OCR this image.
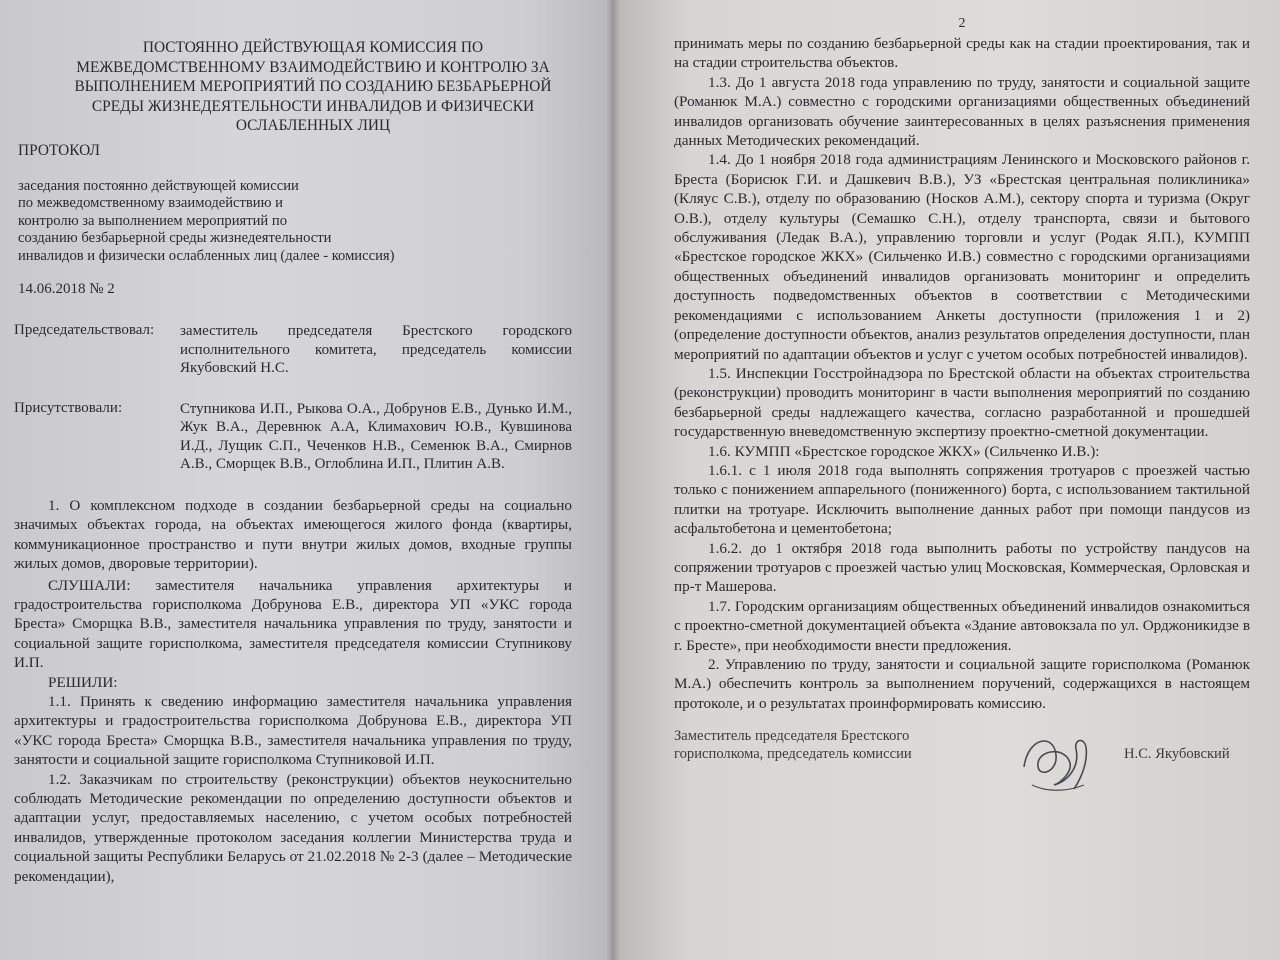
ПОСТОЯННО ДЕЙСТВУЮЩАЯ КОМИССИЯ ПО МЕЖВЕДОМСТВЕННОМУ ВЗАИМОДЕЙСТВИЮ И КОНТРОЛЮ ЗА ВЫПОЛНЕНИЕМ МЕРОПРИЯТИЙ ПО СОЗДАНИЮ БЕЗБАРЬЕРНОЙ СРЕДЫ ЖИЗНЕДЕЯТЕЛЬНОСТИ ИНВАЛИДОВ И ФИЗИЧЕСКИ ОСЛАБЛЕННЫХ ЛИЦ
ПРОТОКОЛ
заседания постоянно действующей комиссии
по межведомственному взаимодействию и
контролю за выполнением мероприятий по
созданию безбарьерной среды жизнедеятельности
инвалидов и физически ослабленных лиц (далее - комиссия)
14.06.2018 № 2
Председательствовал:	заместитель председателя Брестского городского исполнительного комитета, председатель комиссии Якубовский Н.С.
Присутствовали:	Ступникова И.П., Рыкова О.А., Добрунов Е.В., Дунько И.М., Жук В.А., Деревнюк А.А, Климахович Ю.В., Кувшинова И.Д., Лущик С.П., Чеченков Н.В., Семенюк В.А., Смирнов А.В., Сморщек В.В., Оглоблина И.П., Плитин А.В.

1. О комплексном подходе в создании безбарьерной среды на социально значимых объектах города, на объектах имеющегося жилого фонда (квартиры, коммуникационное пространство и пути внутри жилых домов, входные группы жилых домов, дворовые территории).

СЛУШАЛИ: заместителя начальника управления архитектуры и градостроительства горисполкома Добрунова Е.В., директора УП «УКС города Бреста» Сморщка В.В., заместителя начальника управления по труду, занятости и социальной защите горисполкома, заместителя председателя комиссии Ступникову И.П.

РЕШИЛИ:

1.1. Принять к сведению информацию заместителя начальника управления архитектуры и градостроительства горисполкома Добрунова Е.В., директора УП «УКС города Бреста» Сморщка В.В., заместителя начальника управления по труду, занятости и социальной защите горисполкома Ступниковой И.П.

1.2. Заказчикам по строительству (реконструкции) объектов неукоснительно соблюдать Методические рекомендации по определению доступности объектов и адаптации услуг, предоставляемых населению, с учетом особых потребностей инвалидов, утвержденные протоколом заседания коллегии Министерства труда и социальной защиты Республики Беларусь от 21.02.2018 № 2-3 (далее – Методические рекомендации),

2

принимать меры по созданию безбарьерной среды как на стадии проектирования, так и на стадии строительства объектов.

1.3. До 1 августа 2018 года управлению по труду, занятости и социальной защите (Романюк М.А.) совместно с городскими организациями общественных объединений инвалидов организовать обучение заинтересованных в целях разъяснения применения данных Методических рекомендаций.

1.4. До 1 ноября 2018 года администрациям Ленинского и Московского районов г. Бреста (Борисюк Г.И. и Дашкевич В.В.), УЗ «Брестская центральная поликлиника» (Кляус С.В.), отделу по образованию (Носков А.М.), сектору спорта и туризма (Округ О.В.), отделу культуры (Семашко С.Н.), отделу транспорта, связи и бытового обслуживания (Ледак В.А.), управлению торговли и услуг (Родак Я.П.), КУМПП «Брестское городское ЖКХ» (Сильченко И.В.) совместно с городскими организациями общественных объединений инвалидов организовать мониторинг и определить доступность подведомственных объектов в соответствии с Методическими рекомендациями с использованием Анкеты доступности (приложения 1 и 2) (определение доступности объектов, анализ результатов определения доступности, план мероприятий по адаптации объектов и услуг с учетом особых потребностей инвалидов).

1.5. Инспекции Госстройнадзора по Брестской области на объектах строительства (реконструкции) проводить мониторинг в части выполнения мероприятий по созданию безбарьерной среды надлежащего качества, согласно разработанной и прошедшей государственную вневедомственную экспертизу проектно-сметной документации.

1.6. КУМПП «Брестское городское ЖКХ» (Сильченко И.В.):

1.6.1. с 1 июля 2018 года выполнять сопряжения тротуаров с проезжей частью только с понижением аппарельного (пониженного) борта, с использованием тактильной плитки на тротуаре. Исключить выполнение данных работ при помощи пандусов из асфальтобетона и цементобетона;

1.6.2. до 1 октября 2018 года выполнить работы по устройству пандусов на сопряжении тротуаров с проезжей частью улиц Московская, Коммерческая, Орловская и пр-т Машерова.

1.7. Городским организациям общественных объединений инвалидов ознакомиться с проектно-сметной документацией объекта «Здание автовокзала по ул. Орджоникидзе в г. Бресте», при необходимости внести предложения.

2. Управлению по труду, занятости и социальной защите горисполкома (Романюк М.А.) обеспечить контроль за выполнением поручений, содержащихся в настоящем протоколе, и о результатах проинформировать комиссию.

Заместитель председателя Брестского
горисполкома, председатель комиссии	Н.С. Якубовский
